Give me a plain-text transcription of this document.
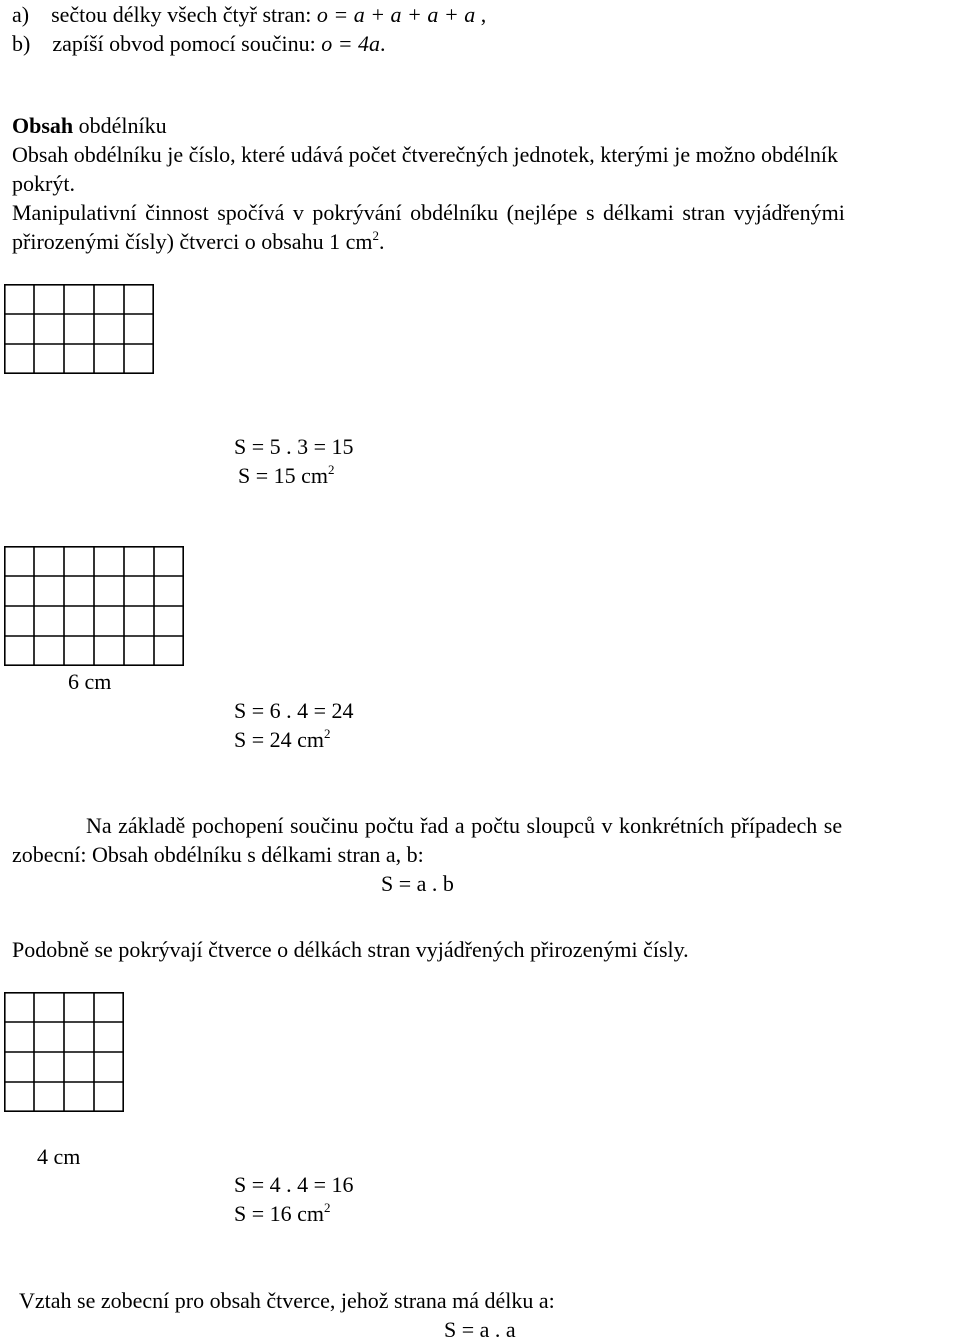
a) sečtou délky všech čtyř stran: o = a + a + a + a ,
b) zapíší obvod pomocí součinu: o = 4a.
Obsah obdélníku
Obsah obdélníku je číslo, které udává počet čtverečných jednotek, kterými je možno obdélník
pokrýt.
Manipulativní činnost spočívá v pokrývání obdélníku (nejlépe s délkami stran vyjádřenými
přirozenými čísly) čtverci o obsahu 1 $cm^2$.
S = 5 . 3 = 15
S = 15 $cm^2$
6 cm
S = 6 . 4 = 24
S = 24 $cm^2$
Na základě pochopení součinu počtu řad a počtu sloupců v konkrétních případech se
zobecní: Obsah obdélníku s délkami stran a, b:
S = a . b
Podobně se pokrývají čtverce o délkách stran vyjádřených přirozenými čísly.
4 cm
S = 4 . 4 = 16
S = 16 $cm^2$
Vztah se zobecní pro obsah čtverce, jehož strana má délku a:
S = a . a
